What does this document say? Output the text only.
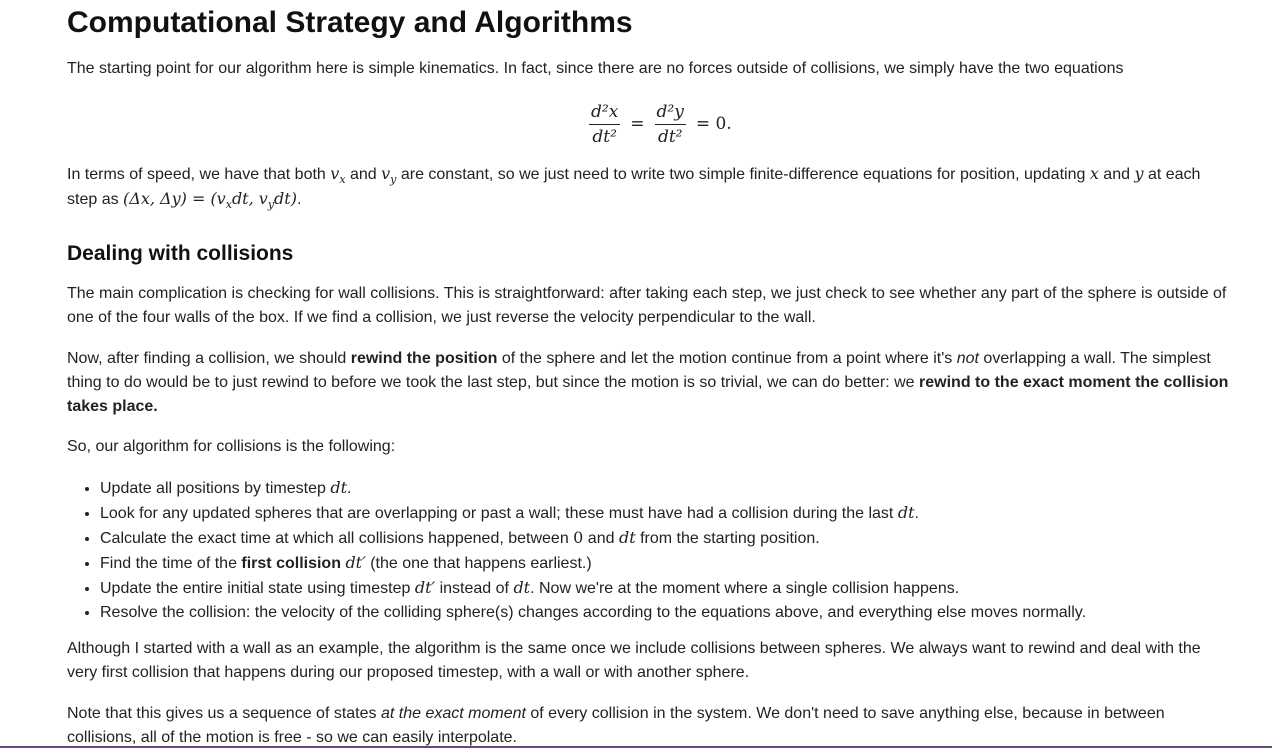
Computational Strategy and Algorithms

The starting point for our algorithm here is simple kinematics. In fact, since there are no forces outside of collisions, we simply have the two equations

$\frac{\text{d²x}}{\text{dt²}} = \frac{\text{d²y}}{\text{dt²}} = 0$.

In terms of speed, we have that both $v_x$ and $v_y$ are constant, so we just need to write two simple finite-difference equations for position, updating x and y at each step as (Δx, $\Delta y) = (v_xdt$, $v_ydt$).

Dealing with collisions

The main complication is checking for wall collisions. This is straightforward: after taking each step, we just check to see whether any part of the sphere is outside of one of the four walls of the box. If we find a collision, we just reverse the velocity perpendicular to the wall.

Now, after finding a collision, we should rewind the position of the sphere and let the motion continue from a point where it's not overlapping a wall. The simplest thing to do would be to just rewind to before we took the last step, but since the motion is so trivial, we can do better: we rewind to the exact moment the collision takes place.

So, our algorithm for collisions is the following:

• Update all positions by timestep dt.
• Look for any updated spheres that are overlapping or past a wall; these must have had a collision during the last dt.
• Calculate the exact time at which all collisions happened, between 0 and dt from the starting position.
• Find the time of the first collision dt′ (the one that happens earliest.)
• Update the entire initial state using timestep dt′ instead of dt. Now we're at the moment where a single collision happens.
• Resolve the collision: the velocity of the colliding sphere(s) changes according to the equations above, and everything else moves normally.

Although I started with a wall as an example, the algorithm is the same once we include collisions between spheres. We always want to rewind and deal with the very first collision that happens during our proposed timestep, with a wall or with another sphere.

Note that this gives us a sequence of states at the exact moment of every collision in the system. We don't need to save anything else, because in between collisions, all of the motion is free - so we can easily interpolate.
